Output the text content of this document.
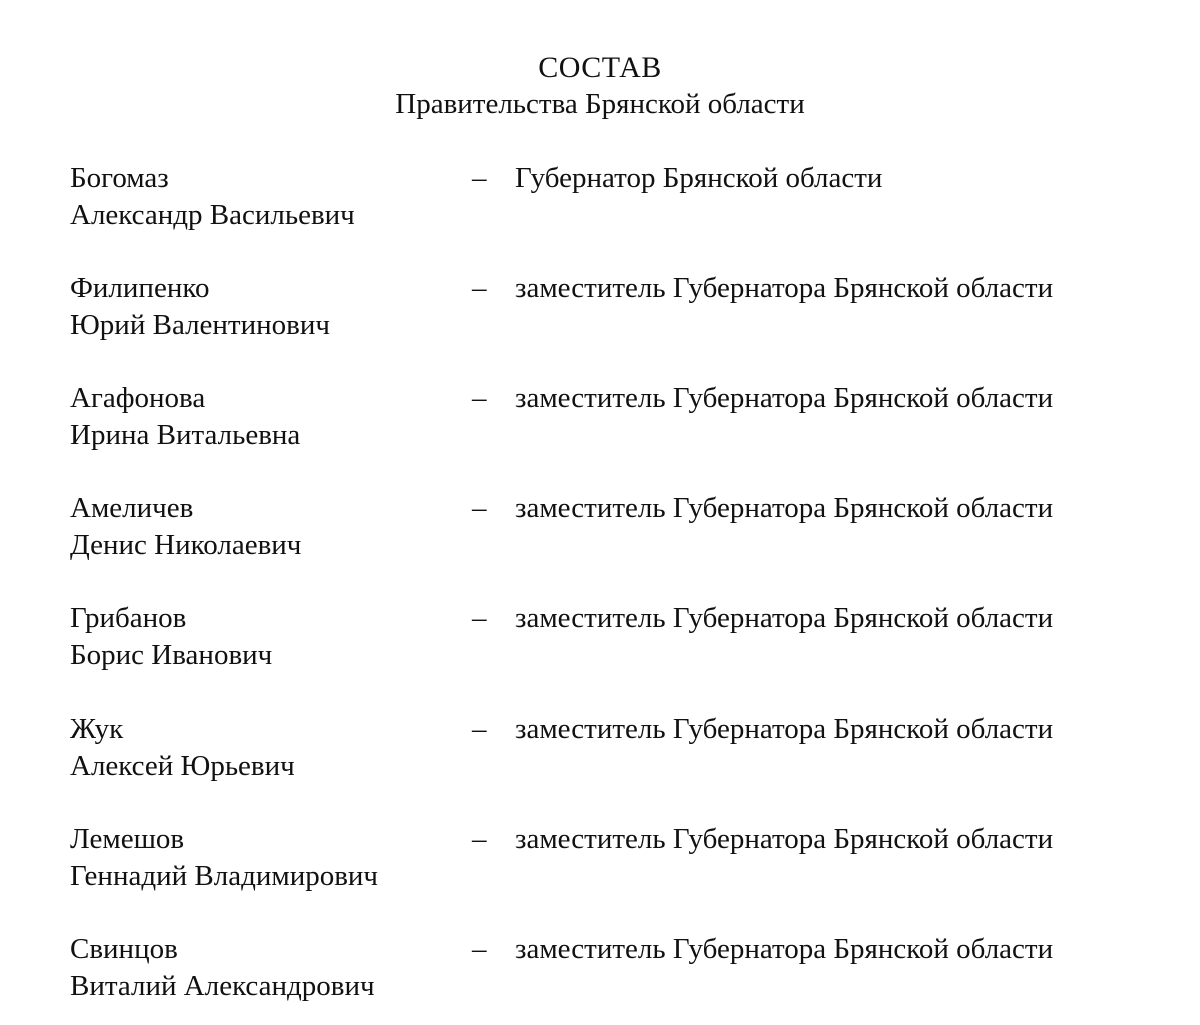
СОСТАВ
Правительства Брянской области
Богомаз
Александр Васильевич
– Губернатор Брянской области
Филипенко
Юрий Валентинович
– заместитель Губернатора Брянской области
Агафонова
Ирина Витальевна
– заместитель Губернатора Брянской области
Амеличев
Денис Николаевич
– заместитель Губернатора Брянской области
Грибанов
Борис Иванович
– заместитель Губернатора Брянской области
Жук
Алексей Юрьевич
– заместитель Губернатора Брянской области
Лемешов
Геннадий Владимирович
– заместитель Губернатора Брянской области
Свинцов
Виталий Александрович
– заместитель Губернатора Брянской области
